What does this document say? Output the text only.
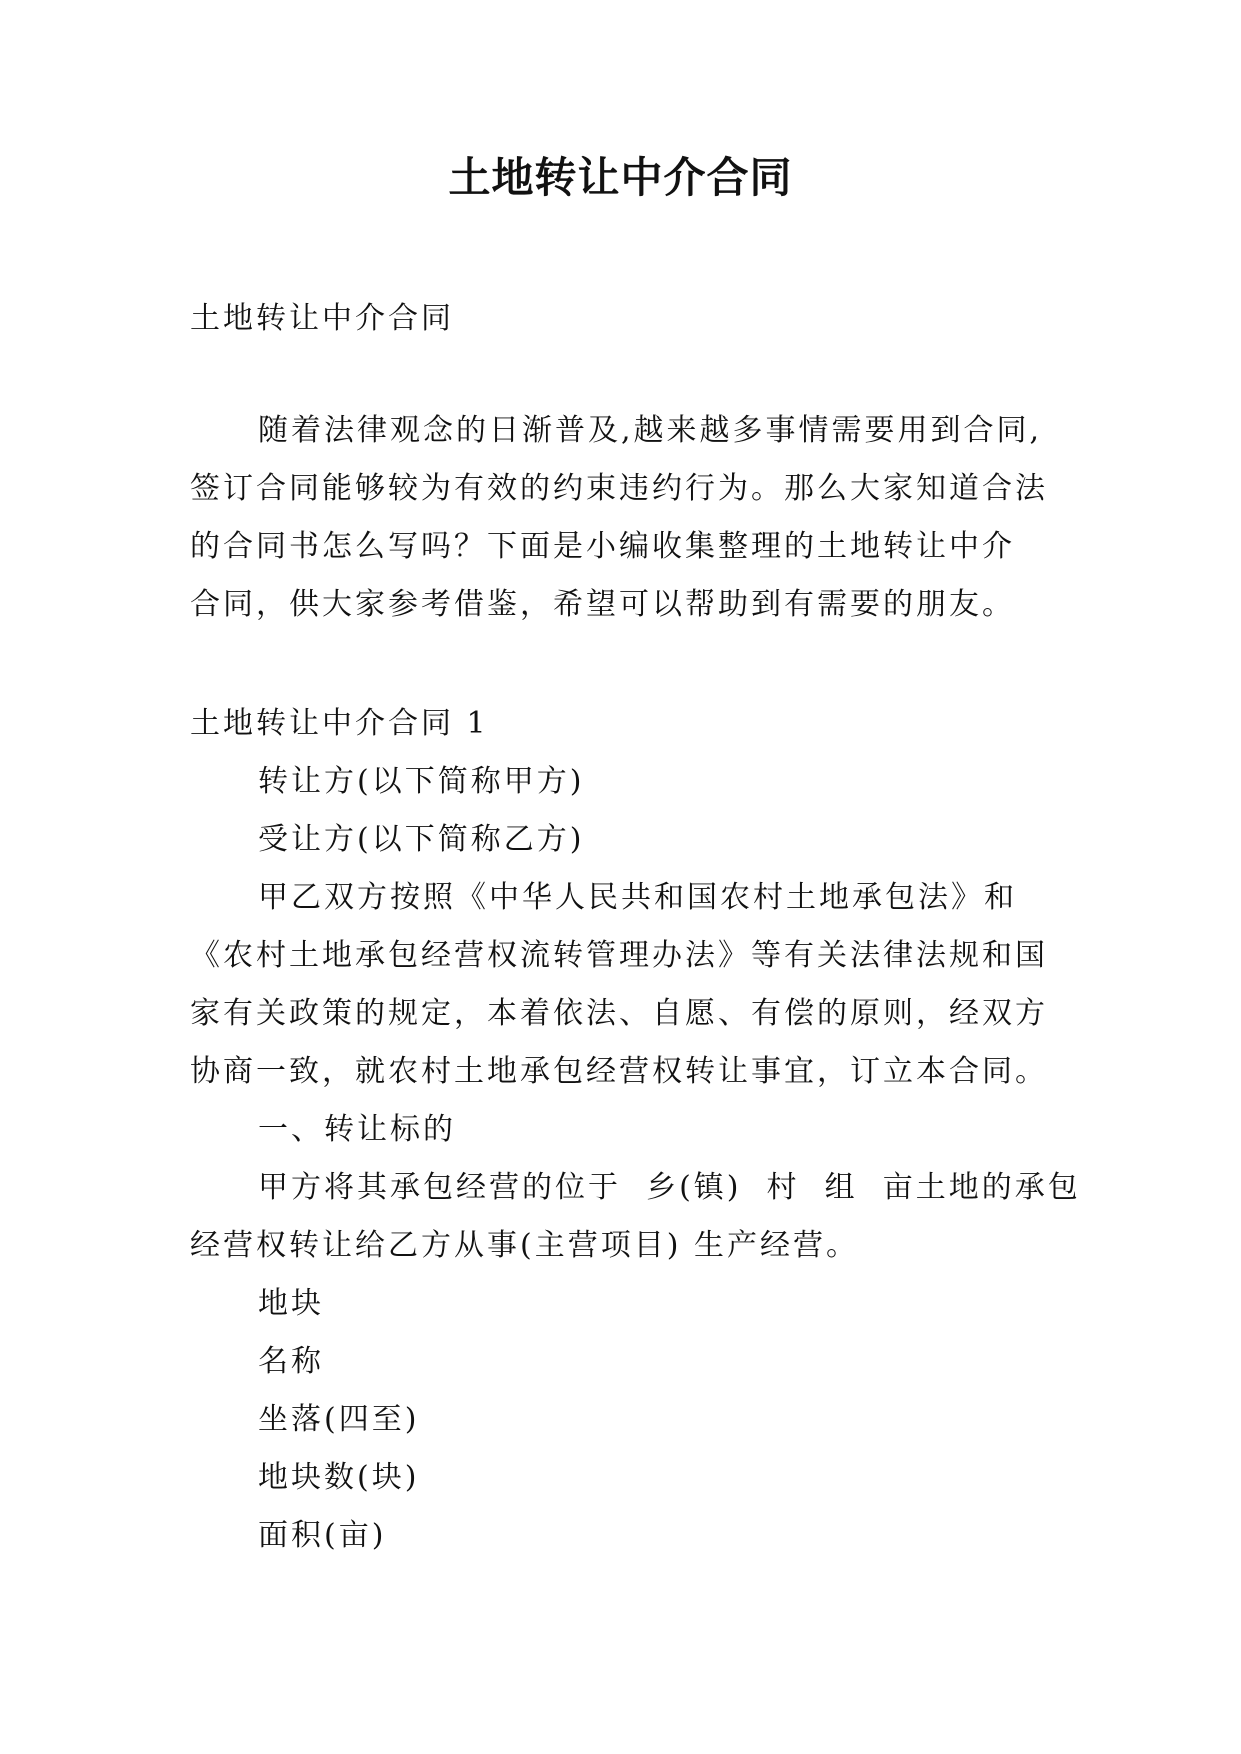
土地转让中介合同

土地转让中介合同

随着法律观念的日渐普及,越来越多事情需要用到合同,
签订合同能够较为有效的约束违约行为。那么大家知道合法
的合同书怎么写吗？下面是小编收集整理的土地转让中介
合同，供大家参考借鉴，希望可以帮助到有需要的朋友。
土地转让中介合同 1
转让方(以下简称甲方)
受让方(以下简称乙方)
甲乙双方按照《中华人民共和国农村土地承包法》和
《农村土地承包经营权流转管理办法》等有关法律法规和国
家有关政策的规定，本着依法、自愿、有偿的原则，经双方
协商一致，就农村土地承包经营权转让事宜，订立本合同。
一、转让标的
甲方将其承包经营的位于  乡(镇)  村  组  亩土地的承包
经营权转让给乙方从事(主营项目) 生产经营。
地块
名称
坐落(四至)
地块数(块)
面积(亩)
